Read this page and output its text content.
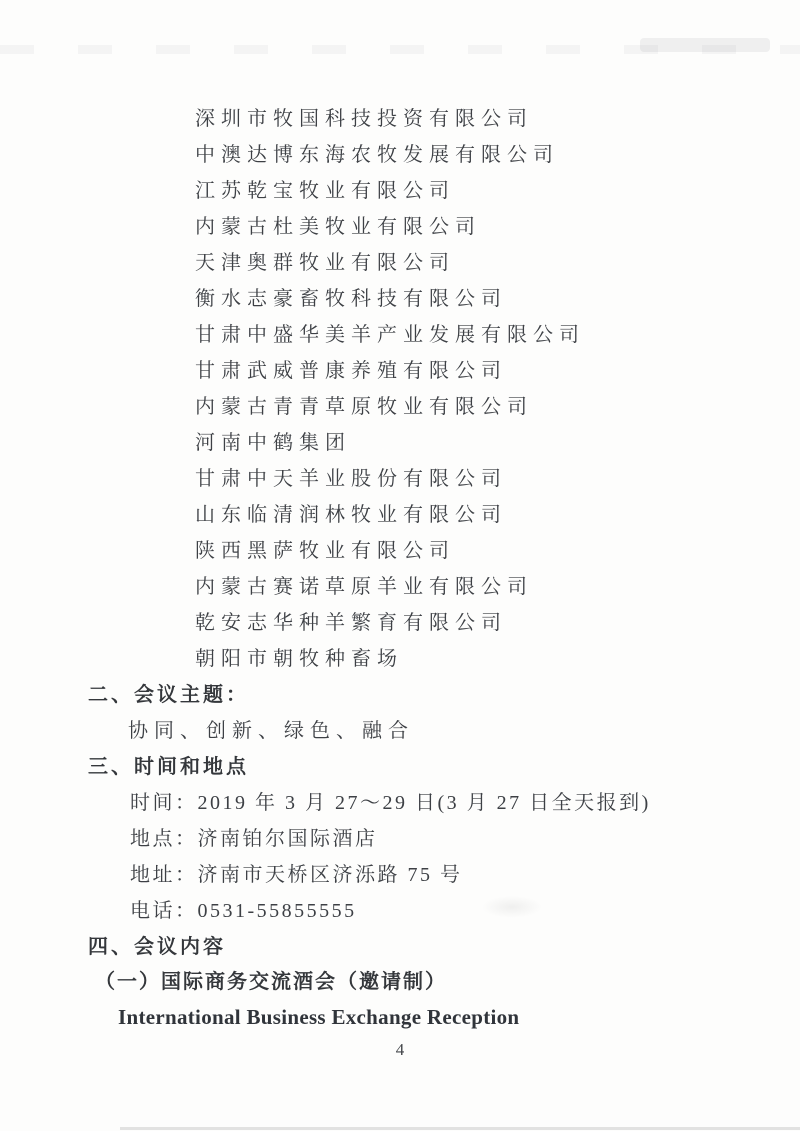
深圳市牧国科技投资有限公司
中澳达博东海农牧发展有限公司
江苏乾宝牧业有限公司
内蒙古杜美牧业有限公司
天津奥群牧业有限公司
衡水志豪畜牧科技有限公司
甘肃中盛华美羊产业发展有限公司
甘肃武威普康养殖有限公司
内蒙古青青草原牧业有限公司
河南中鹤集团
甘肃中天羊业股份有限公司
山东临清润林牧业有限公司
陕西黑萨牧业有限公司
内蒙古赛诺草原羊业有限公司
乾安志华种羊繁育有限公司
朝阳市朝牧种畜场
二、会议主题：
协同、创新、绿色、融合
三、时间和地点
时间：2019 年 3 月 27～29 日(3 月 27 日全天报到)
地点：济南铂尔国际酒店
地址：济南市天桥区济泺路 75 号
电话：0531-55855555
四、会议内容
（一）国际商务交流酒会（邀请制）
International Business Exchange Reception
4
